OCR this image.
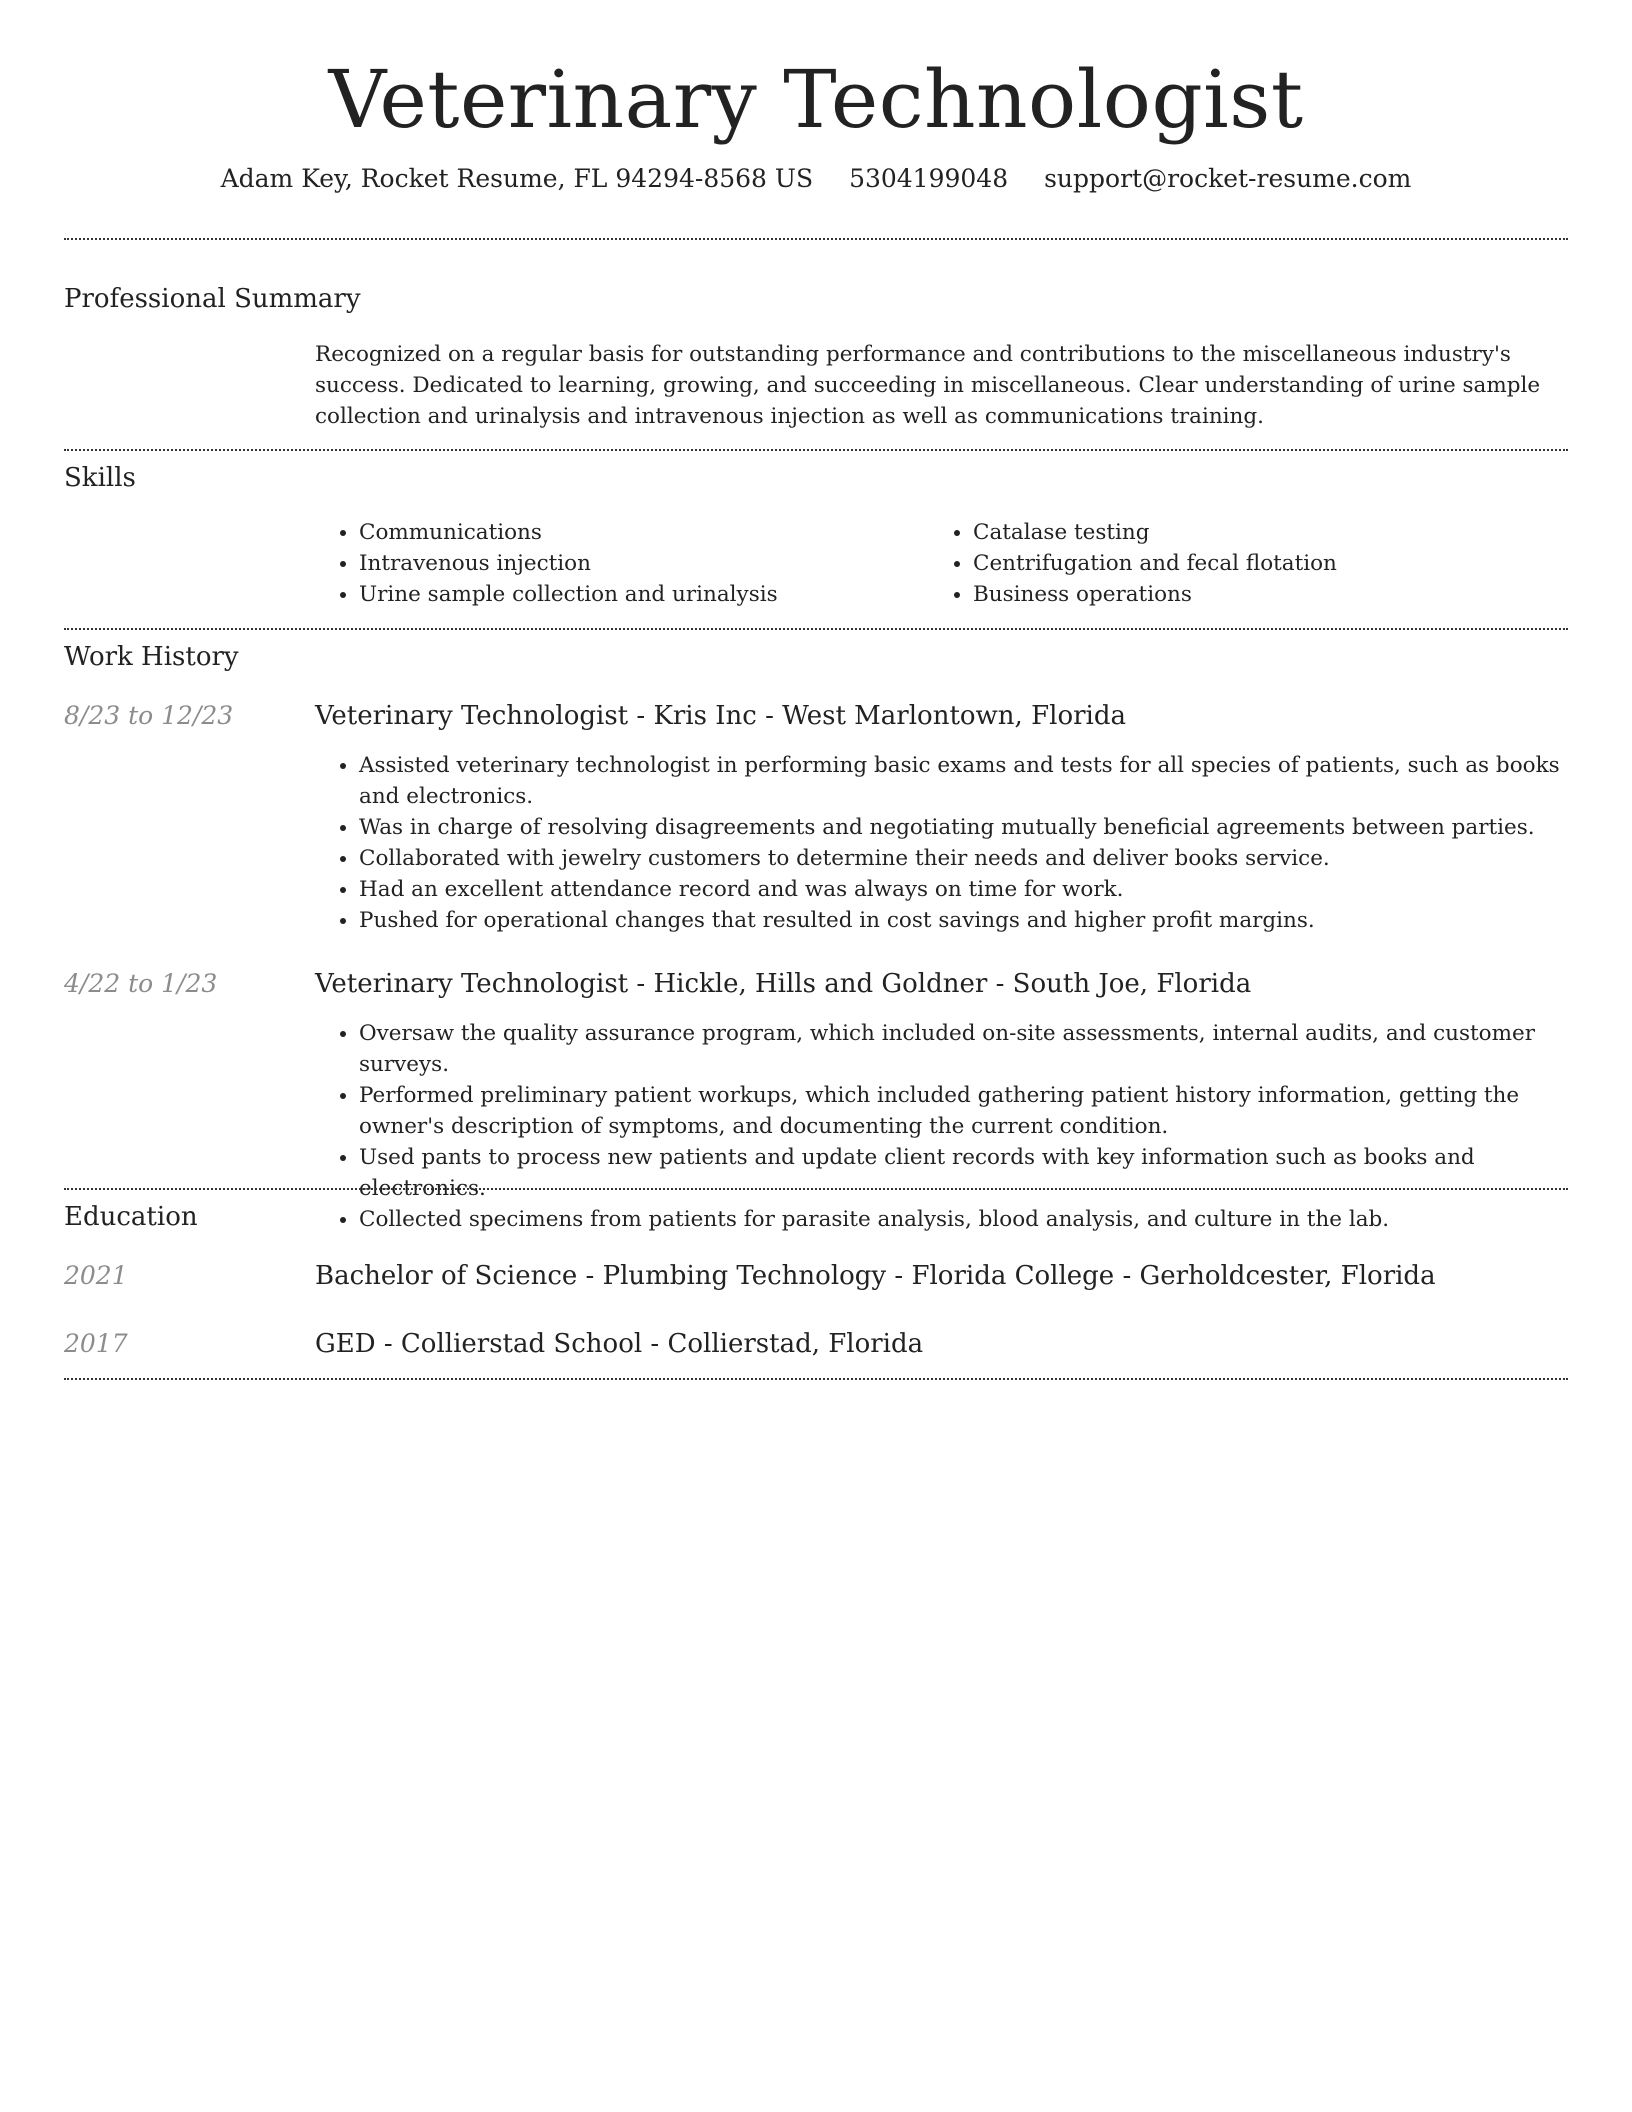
Veterinary Technologist
Adam Key, Rocket Resume, FL 94294-8568 US 5304199048 support@rocket-resume.com
Professional Summary

Recognized on a regular basis for outstanding performance and contributions to the miscellaneous industry's success. Dedicated to learning, growing, and succeeding in miscellaneous. Clear understanding of urine sample collection and urinalysis and intravenous injection as well as communications training.

Skills
• Communications
• Intravenous injection
• Urine sample collection and urinalysis
• Catalase testing
• Centrifugation and fecal flotation
• Business operations
Work History
8/23 to 12/23	Veterinary Technologist - Kris Inc - West Marlontown, Florida
• Assisted veterinary technologist in performing basic exams and tests for all species of patients, such as books and electronics.
• Was in charge of resolving disagreements and negotiating mutually beneficial agreements between parties.
• Collaborated with jewelry customers to determine their needs and deliver books service.
• Had an excellent attendance record and was always on time for work.
• Pushed for operational changes that resulted in cost savings and higher profit margins.
4/22 to 1/23	Veterinary Technologist - Hickle, Hills and Goldner - South Joe, Florida
• Oversaw the quality assurance program, which included on-site assessments, internal audits, and customer surveys.
• Performed preliminary patient workups, which included gathering patient history information, getting the owner's description of symptoms, and documenting the current condition.
• Used pants to process new patients and update client records with key information such as books and electronics.
• Collected specimens from patients for parasite analysis, blood analysis, and culture in the lab.
Education
2021	Bachelor of Science - Plumbing Technology - Florida College - Gerholdcester, Florida
2017	GED - Collierstad School - Collierstad, Florida
